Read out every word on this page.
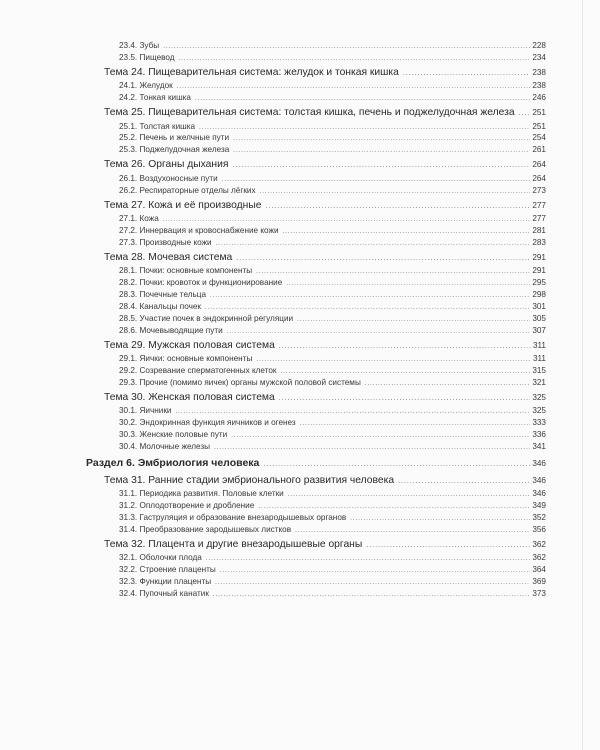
23.4. Зубы .....	228
23.5. Пищевод .....	234
Тема 24. Пищеварительная система: желудок и тонкая кишка .....	238
24.1. Желудок .....	238
24.2. Тонкая кишка .....	246
Тема 25. Пищеварительная система: толстая кишка, печень и поджелудочная железа ..... 251
25.1. Толстая кишка .....	251
25.2. Печень и желчные пути .....	254
25.3. Поджелудочная железа .....	261
Тема 26. Органы дыхания .....	264
26.1. Воздухоносные пути .....	264
26.2. Респираторные отделы лёгких .....	273
Тема 27. Кожа и её производные .....	277
27.1. Кожа .....	277
27.2. Иннервация и кровоснабжение кожи .....	281
27.3. Производные кожи .....	283
Тема 28. Мочевая система .....	291
28.1. Почки: основные компоненты .....	291
28.2. Почки: кровоток и функционирование .....	295
28.3. Почечные тельца .....	298
28.4. Канальцы почек .....	301
28.5. Участие почек в эндокринной регуляции .....	305
28.6. Мочевыводящие пути .....	307
Тема 29. Мужская половая система .....	311
29.1. Яички: основные компоненты .....	311
29.2. Созревание сперматогенных клеток .....	315
29.3. Прочие (помимо яичек) органы мужской половой системы .....	321
Тема 30. Женская половая система .....	325
30.1. Яичники .....	325
30.2. Эндокринная функция яичников и огенез .....	333
30.3. Женские половые пути .....	336
30.4. Молочные железы .....	341
Раздел 6. Эмбриология человека .....	346
Тема 31. Ранние стадии эмбрионального развития человека .....	346
31.1. Периодика развития. Половые клетки .....	346
31.2. Оплодотворение и дробление .....	349
31.3. Гаструляция и образование внезародышевых органов .....	352
31.4. Преобразование зародышевых листков .....	356
Тема 32. Плацента и другие внезародышевые органы .....	362
32.1. Оболочки плода .....	362
32.2. Строение плаценты .....	364
32.3. Функции плаценты .....	369
32.4. Пупочный канатик .....	373
